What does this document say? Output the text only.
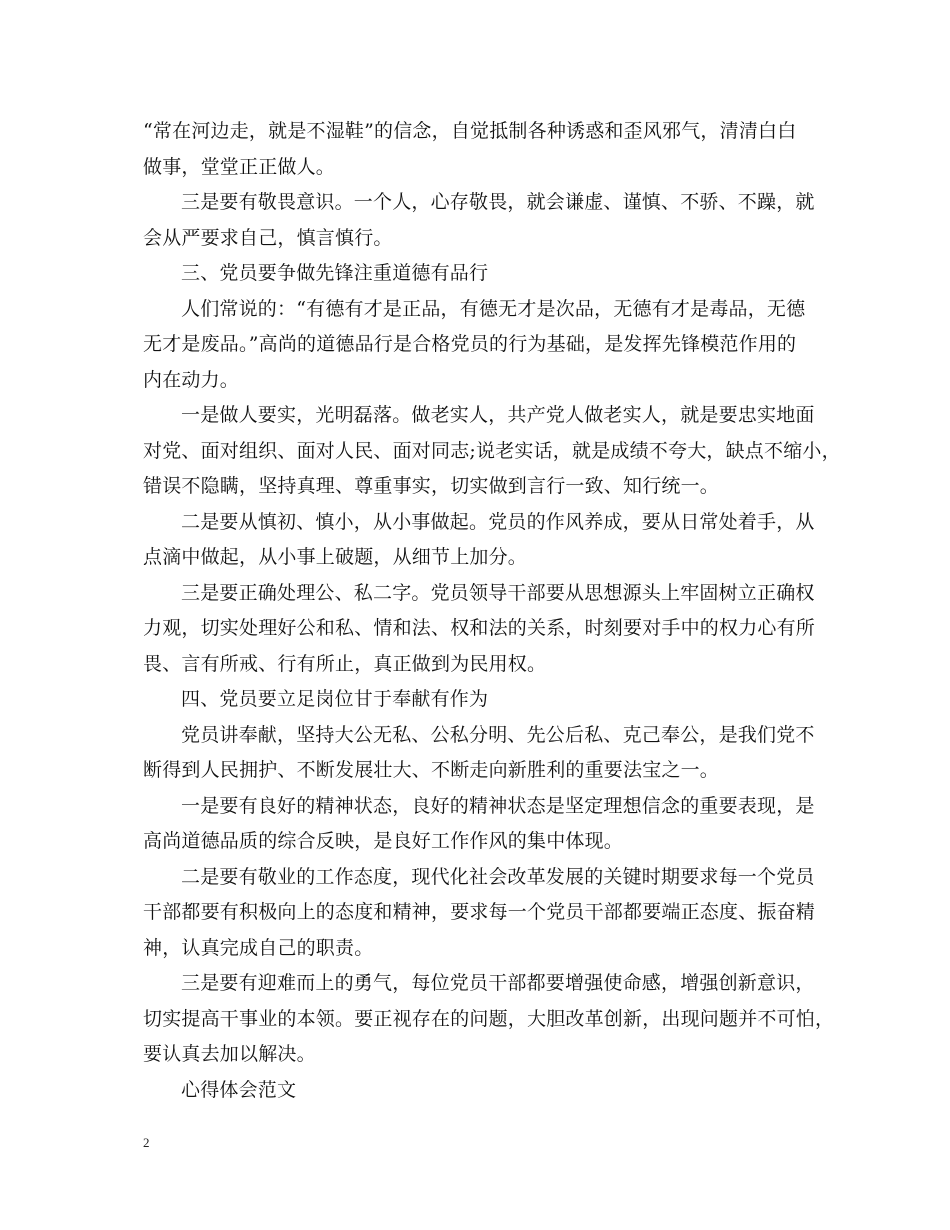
“常在河边走，就是不湿鞋”的信念，自觉抵制各种诱惑和歪风邪气，清清白白
做事，堂堂正正做人。
三是要有敬畏意识。一个人，心存敬畏，就会谦虚、谨慎、不骄、不躁，就
会从严要求自己，慎言慎行。
三、党员要争做先锋注重道德有品行
人们常说的：“有德有才是正品，有德无才是次品，无德有才是毒品，无德
无才是废品。”高尚的道德品行是合格党员的行为基础，是发挥先锋模范作用的
内在动力。
一是做人要实，光明磊落。做老实人，共产党人做老实人，就是要忠实地面
对党、面对组织、面对人民、面对同志;说老实话，就是成绩不夸大，缺点不缩小，
错误不隐瞒，坚持真理、尊重事实，切实做到言行一致、知行统一。
二是要从慎初、慎小，从小事做起。党员的作风养成，要从日常处着手，从
点滴中做起，从小事上破题，从细节上加分。
三是要正确处理公、私二字。党员领导干部要从思想源头上牢固树立正确权
力观，切实处理好公和私、情和法、权和法的关系，时刻要对手中的权力心有所
畏、言有所戒、行有所止，真正做到为民用权。
四、党员要立足岗位甘于奉献有作为
党员讲奉献，坚持大公无私、公私分明、先公后私、克己奉公，是我们党不
断得到人民拥护、不断发展壮大、不断走向新胜利的重要法宝之一。
一是要有良好的精神状态，良好的精神状态是坚定理想信念的重要表现，是
高尚道德品质的综合反映，是良好工作作风的集中体现。
二是要有敬业的工作态度，现代化社会改革发展的关键时期要求每一个党员
干部都要有积极向上的态度和精神，要求每一个党员干部都要端正态度、振奋精
神，认真完成自己的职责。
三是要有迎难而上的勇气，每位党员干部都要增强使命感，增强创新意识，
切实提高干事业的本领。要正视存在的问题，大胆改革创新，出现问题并不可怕，
要认真去加以解决。
心得体会范文
2
